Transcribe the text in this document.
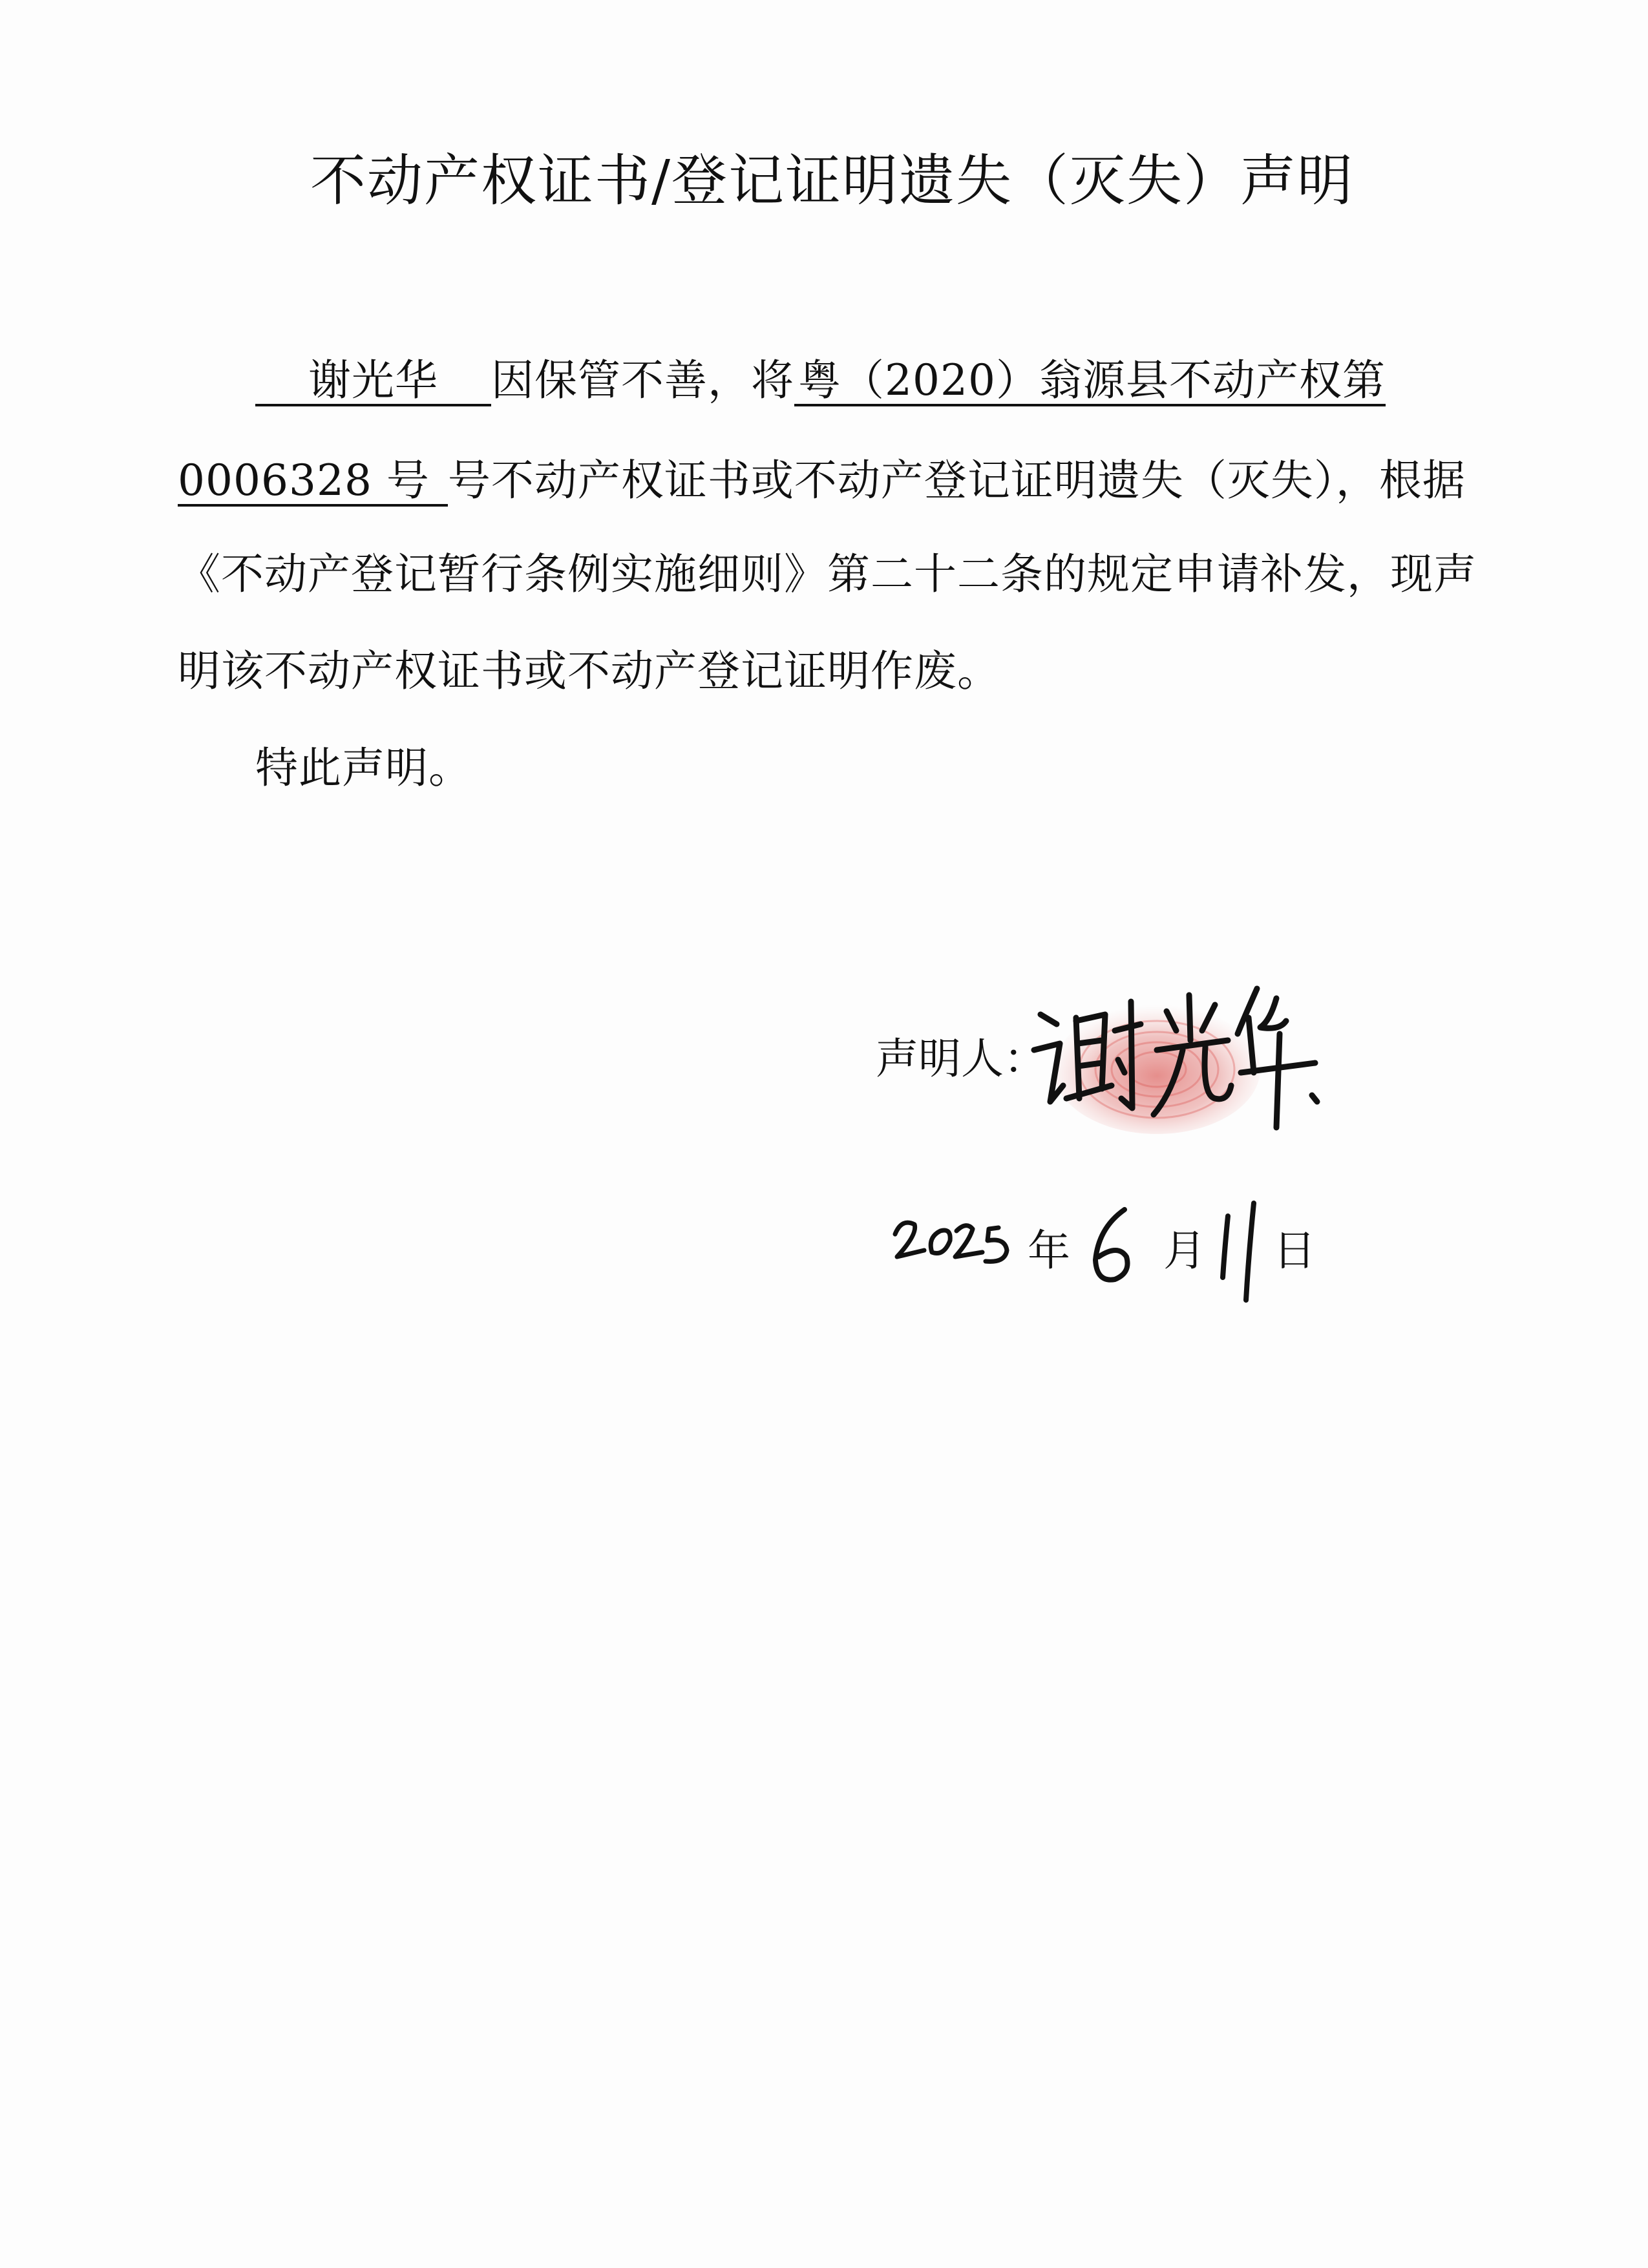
不动产权证书/登记证明遗失（灭失）声明
谢光华 因保管不善，将粤（2020）翁源县不动产权第
0006328 号 号不动产权证书或不动产登记证明遗失（灭失），根据
《不动产登记暂行条例实施细则》第二十二条的规定申请补发，现声
明该不动产权证书或不动产登记证明作废。
特此声明。
声明人：
年 月 日
